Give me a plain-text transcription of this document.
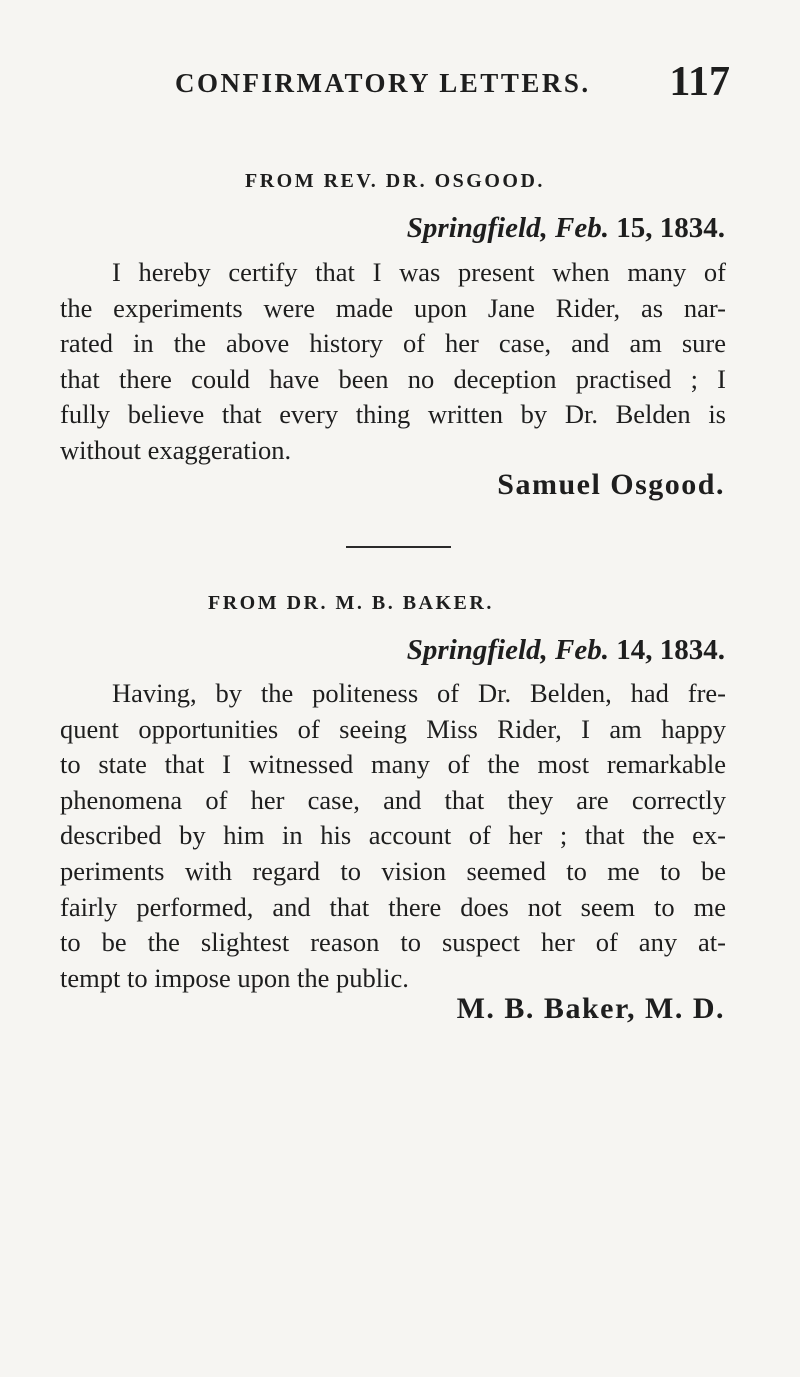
CONFIRMATORY LETTERS. 117
FROM REV. DR. OSGOOD.
Springfield, Feb. 15, 1834.
I hereby certify that I was present when many of
the experiments were made upon Jane Rider, as nar-
rated in the above history of her case, and am sure
that there could have been no deception practised ; I
fully believe that every thing written by Dr. Belden is
without exaggeration.
Samuel Osgood.
FROM DR. M. B. BAKER.
Springfield, Feb. 14, 1834.
Having, by the politeness of Dr. Belden, had fre-
quent opportunities of seeing Miss Rider, I am happy
to state that I witnessed many of the most remarkable
phenomena of her case, and that they are correctly
described by him in his account of her ; that the ex-
periments with regard to vision seemed to me to be
fairly performed, and that there does not seem to me
to be the slightest reason to suspect her of any at-
tempt to impose upon the public.
M. B. Baker, M. D.
